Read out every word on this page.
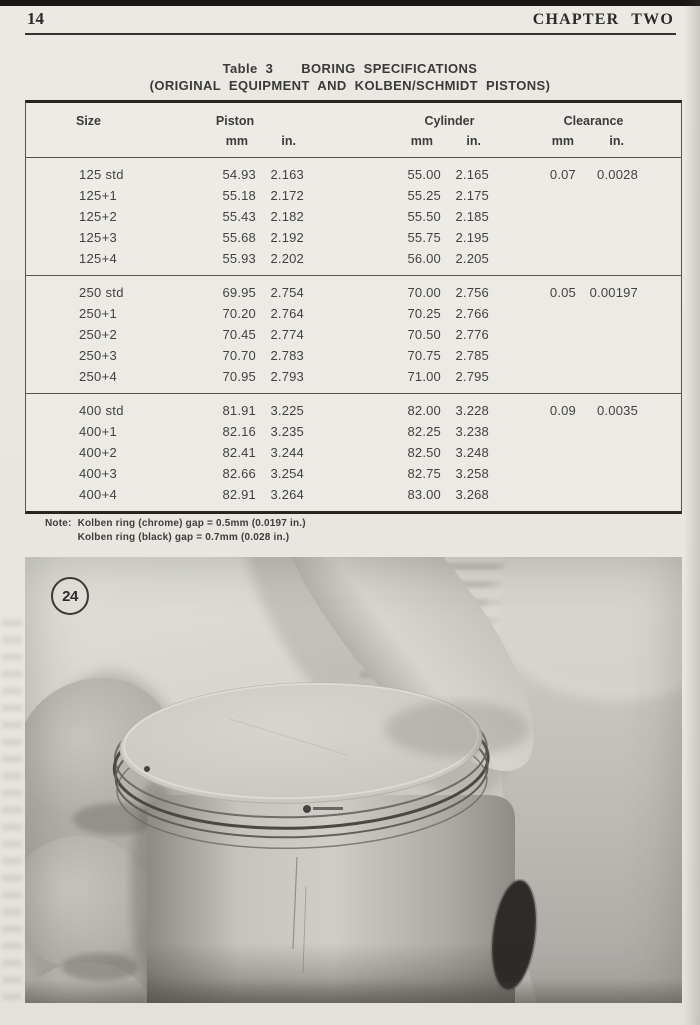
14	CHAPTER TWO
Table 3 BORING SPECIFICATIONS
(ORIGINAL EQUIPMENT AND KOLBEN/SCHMIDT PISTONS)
Size	Piston	Cylinder	Clearance
mm	in.	mm	in.	mm	in.
125 std	54.93	2.163	55.00	2.165	0.07	0.0028
125+1	55.18	2.172	55.25	2.175
125+2	55.43	2.182	55.50	2.185
125+3	55.68	2.192	55.75	2.195
125+4	55.93	2.202	56.00	2.205
250 std	69.95	2.754	70.00	2.756	0.05	0.00197
250+1	70.20	2.764	70.25	2.766
250+2	70.45	2.774	70.50	2.776
250+3	70.70	2.783	70.75	2.785
250+4	70.95	2.793	71.00	2.795
400 std	81.91	3.225	82.00	3.228	0.09	0.0035
400+1	82.16	3.235	82.25	3.238
400+2	82.41	3.244	82.50	3.248
400+3	82.66	3.254	82.75	3.258
400+4	82.91	3.264	83.00	3.268
Note: Kolben ring (chrome) gap = 0.5mm (0.0197 in.)
Kolben ring (black) gap = 0.7mm (0.028 in.)
24
